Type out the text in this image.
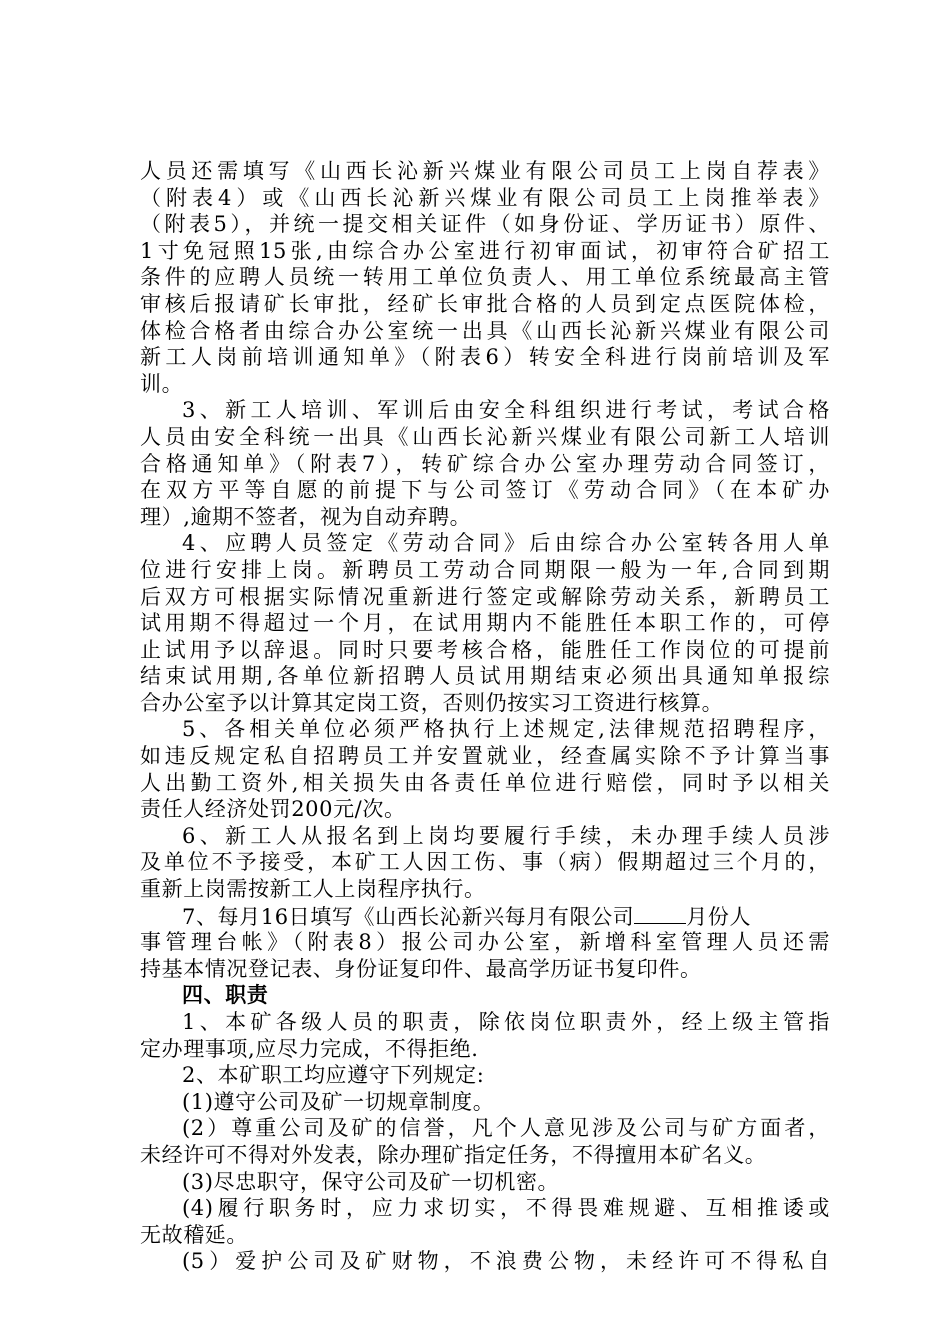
人员还需填写《山西长沁新兴煤业有限公司员工上岗自荐表》
（附表4）或《山西长沁新兴煤业有限公司员工上岗推举表》
（附表5），并统一提交相关证件（如身份证、学历证书）原件、
1寸免冠照15张,由综合办公室进行初审面试，初审符合矿招工
条件的应聘人员统一转用工单位负责人、用工单位系统最高主管
审核后报请矿长审批，经矿长审批合格的人员到定点医院体检，
体检合格者由综合办公室统一出具《山西长沁新兴煤业有限公司
新工人岗前培训通知单》（附表6）转安全科进行岗前培训及军
训。
3、新工人培训、军训后由安全科组织进行考试，考试合格
人员由安全科统一出具《山西长沁新兴煤业有限公司新工人培训
合格通知单》（附表7），转矿综合办公室办理劳动合同签订，
在双方平等自愿的前提下与公司签订《劳动合同》（在本矿办
理）,逾期不签者，视为自动弃聘。
4、应聘人员签定《劳动合同》后由综合办公室转各用人单
位进行安排上岗。新聘员工劳动合同期限一般为一年,合同到期
后双方可根据实际情况重新进行签定或解除劳动关系，新聘员工
试用期不得超过一个月，在试用期内不能胜任本职工作的，可停
止试用予以辞退。同时只要考核合格，能胜任工作岗位的可提前
结束试用期,各单位新招聘人员试用期结束必须出具通知单报综
合办公室予以计算其定岗工资，否则仍按实习工资进行核算。
5、各相关单位必须严格执行上述规定,法律规范招聘程序，
如违反规定私自招聘员工并安置就业，经查属实除不予计算当事
人出勤工资外,相关损失由各责任单位进行赔偿，同时予以相关
责任人经济处罚200元/次。
6、新工人从报名到上岗均要履行手续，未办理手续人员涉
及单位不予接受，本矿工人因工伤、事（病）假期超过三个月的，
重新上岗需按新工人上岗程序执行。
7、每月16日填写《山西长沁新兴每月有限公司 月份人
事管理台帐》（附表8）报公司办公室，新增科室管理人员还需
持基本情况登记表、身份证复印件、最高学历证书复印件。
四、职责
1、本矿各级人员的职责，除依岗位职责外，经上级主管指
定办理事项,应尽力完成，不得拒绝.
2、本矿职工均应遵守下列规定:
(1)遵守公司及矿一切规章制度。
(2）尊重公司及矿的信誉，凡个人意见涉及公司与矿方面者，
未经许可不得对外发表，除办理矿指定任务，不得擅用本矿名义。
(3)尽忠职守，保守公司及矿一切机密。
(4)履行职务时，应力求切实，不得畏难规避、互相推诿或
无故稽延。
(5）爱护公司及矿财物，不浪费公物，未经许可不得私自
